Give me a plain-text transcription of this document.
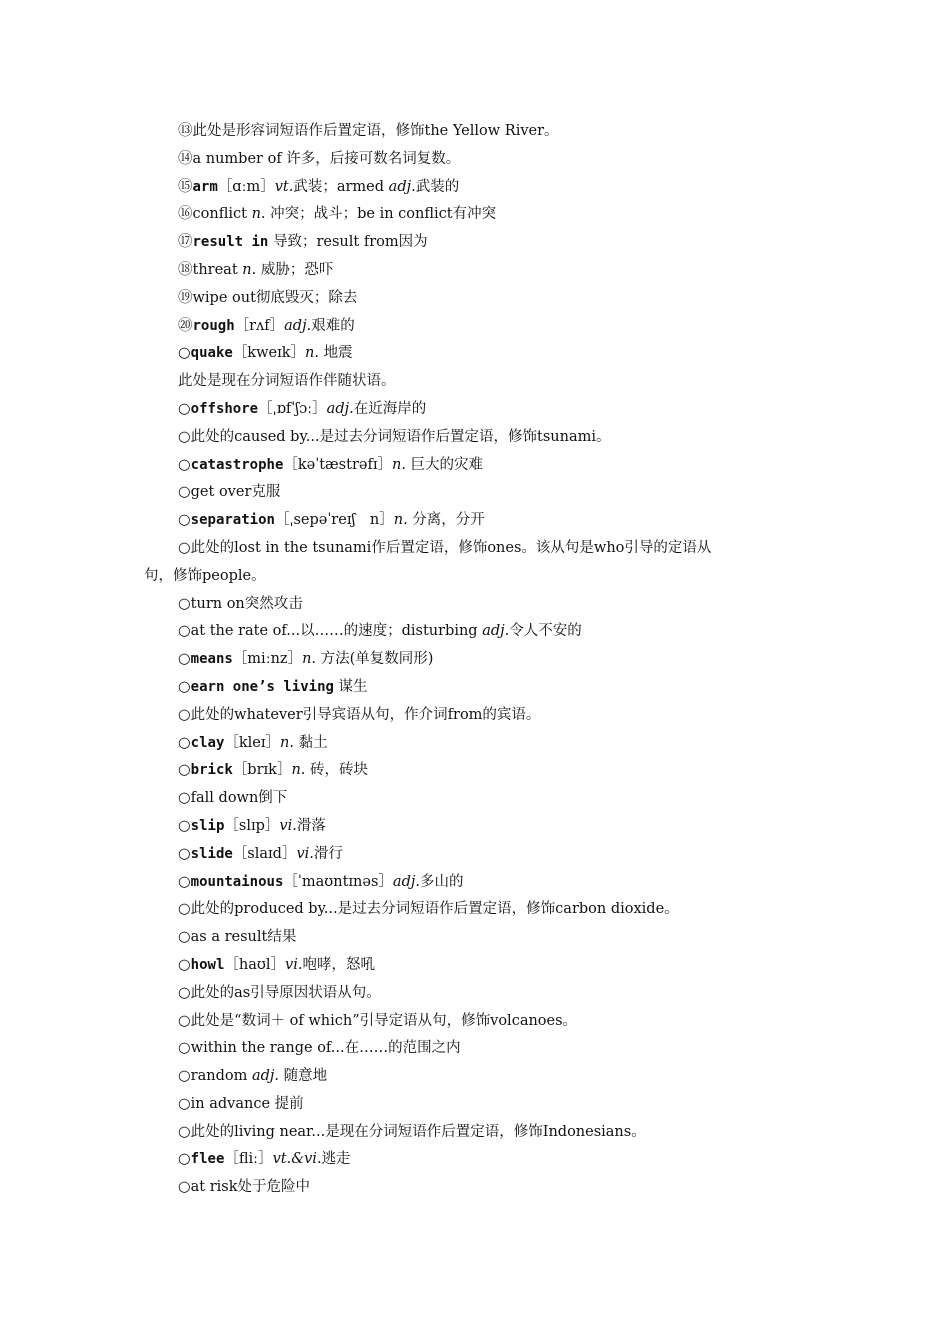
⑬此处是形容词短语作后置定语，修饰the Yellow River。
⑭a number of 许多，后接可数名词复数。
⑮arm［ɑːm］vt.武装；armed adj.武装的
⑯conflict n. 冲突；战斗；be in conflict有冲突
⑰result in 导致；result from因为
⑱threat n. 威胁；恐吓
⑲wipe out彻底毁灭；除去
⑳rough［rʌf］adj.艰难的
○quake［kweɪk］n. 地震
此处是现在分词短语作伴随状语。
○offshore［ˌɒfˈʃɔː］adj.在近海岸的
○此处的caused by...是过去分词短语作后置定语，修饰tsunami。
○catastrophe［kəˈtæstrəfɪ］n. 巨大的灾难
○get over克服
○separation［ˌsepəˈreɪʃ　n］n. 分离，分开
○此处的lost in the tsunami作后置定语，修饰ones。该从句是who引导的定语从
句，修饰people。
○turn on突然攻击
○at the rate of...以……的速度；disturbing adj.令人不安的
○means［miːnz］n. 方法(单复数同形)
○earn one’s living 谋生
○此处的whatever引导宾语从句，作介词from的宾语。
○clay［kleɪ］n. 黏土
○brick［brɪk］n. 砖，砖块
○fall down倒下
○slip［slɪp］vi.滑落
○slide［slaɪd］vi.滑行
○mountainous［ˈmaʊntɪnəs］adj.多山的
○此处的produced by...是过去分词短语作后置定语，修饰carbon dioxide。
○as a result结果
○howl［haʊl］vi.咆哮，怒吼
○此处的as引导原因状语从句。
○此处是“数词＋ of which”引导定语从句，修饰volcanoes。
○within the range of...在……的范围之内
○random adj. 随意地
○in advance 提前
○此处的living near...是现在分词短语作后置定语，修饰Indonesians。
○flee［fliː］vt.&vi.逃走
○at risk处于危险中
